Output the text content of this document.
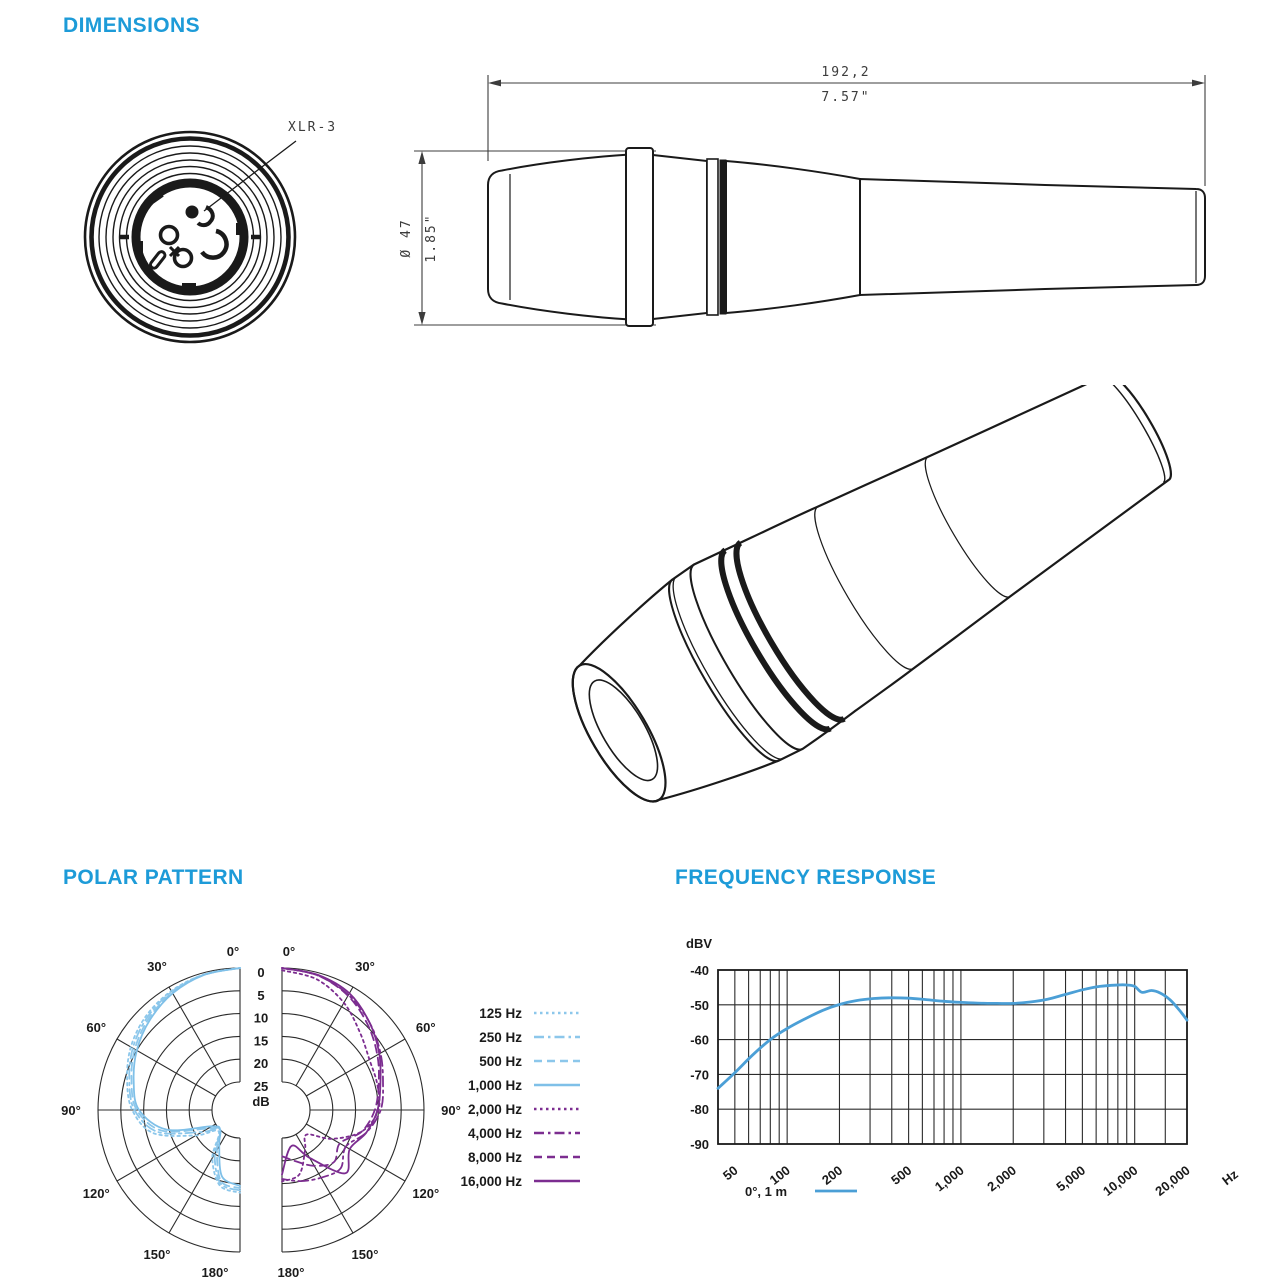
DIMENSIONS
POLAR PATTERN	FREQUENCY RESPONSE
XLR-3
192,2
7.57"
Ø 47 1.85"
0°
30°
60°
90°
120°
150°
180°
0°
30°
60°
90°
120°
150°
180°
0
5
10
15
20
25
dB
125 Hz
250 Hz
500 Hz
1,000 Hz
2,000 Hz
4,000 Hz
8,000 Hz
16,000 Hz
-40
-50
-60
-70
-80
-90
dBV
50 100 200	500 1,000 2,000	5,000 10,000 20,000 Hz
0°, 1 m
